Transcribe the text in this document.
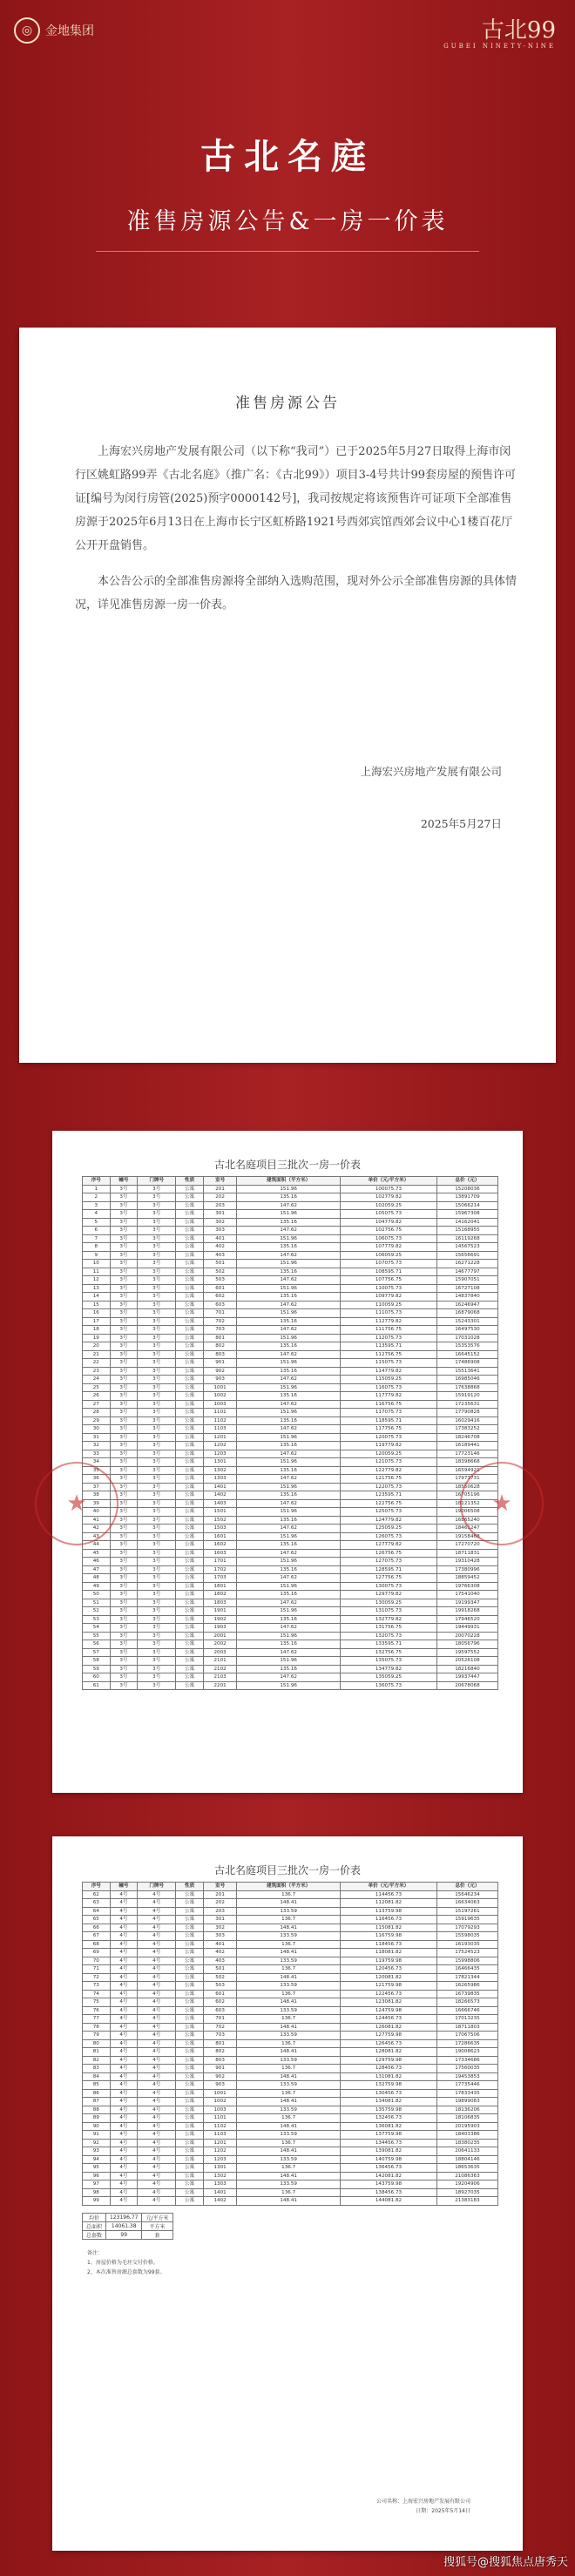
◎	金地集团	古北99
GUBEI NINETY-NINE
古北名庭
准售房源公告&一房一价表
准售房源公告

上海宏兴房地产发展有限公司（以下称“我司”）已于2025年5月27日取得上海市闵行区姚虹路99弄《古北名庭》（推广名：《古北99》）项目3-4号共计99套房屋的预售许可证[编号为闵行房管(2025)预字0000142号]，我司按规定将该预售许可证项下全部准售房源于2025年6月13日在上海市长宁区虹桥路1921号西郊宾馆西郊会议中心1楼百花厅公开开盘销售。

本公告公示的全部准售房源将全部纳入选购范围，现对外公示全部准售房源的具体情况，详见准售房源一房一价表。

上海宏兴房地产发展有限公司
2025年5月27日
古北名庭项目三批次一房一价表
序号	幢号	门牌号	性质	室号	建筑面积（平方米）	单价（元/平方米）	总价（元）
1	3号	3号	公寓	201	151.96	100075.73	15208036
2	3号	3号	公寓	202	135.16	102779.82	13891709
3	3号	3号	公寓	203	147.62	102059.25	15066214
4	3号	3号	公寓	301	151.96	105075.73	15967308
5	3号	3号	公寓	302	135.16	104779.82	14162041
6	3号	3号	公寓	303	147.62	102756.75	15168955
7	3号	3号	公寓	401	151.96	106075.73	16119268
8	3号	3号	公寓	402	135.16	107779.82	14567523
9	3号	3号	公寓	403	147.62	106059.25	15656691
10	3号	3号	公寓	501	151.96	107075.73	16271228
11	3号	3号	公寓	502	135.16	108595.71	14677797
12	3号	3号	公寓	503	147.62	107756.75	15907051
13	3号	3号	公寓	601	151.96	110075.73	16727108
14	3号	3号	公寓	602	135.16	109779.82	14837840
15	3号	3号	公寓	603	147.62	110059.25	16246947
16	3号	3号	公寓	701	151.96	111075.73	16879068
17	3号	3号	公寓	702	135.16	112779.82	15243301
18	3号	3号	公寓	703	147.62	111756.75	16497530
19	3号	3号	公寓	801	151.96	112075.73	17031028
20	3号	3号	公寓	802	135.16	113595.71	15353576
21	3号	3号	公寓	803	147.62	112756.75	16645152
22	3号	3号	公寓	901	151.96	115075.73	17486908
23	3号	3号	公寓	902	135.16	114779.82	15513641
24	3号	3号	公寓	903	147.62	115059.25	16985046
25	3号	3号	公寓	1001	151.96	116075.73	17638868
26	3号	3号	公寓	1002	135.16	117779.82	15919120
27	3号	3号	公寓	1003	147.62	116756.75	17235631
28	3号	3号	公寓	1101	151.96	117075.73	17790828
29	3号	3号	公寓	1102	135.16	118595.71	16029416
30	3号	3号	公寓	1103	147.62	117756.75	17383252
31	3号	3号	公寓	1201	151.96	120075.73	18246708
32	3号	3号	公寓	1202	135.16	119779.82	16189441
33	3号	3号	公寓	1203	147.62	120059.25	17723146
34	3号	3号	公寓	1301	151.96	121075.73	18398668
35	3号	3号	公寓	1302	135.16	122779.82	16594921
36	3号	3号	公寓	1303	147.62	121756.75	17973731
37	3号	3号	公寓	1401	151.96	122075.73	18550628
38	3号	3号	公寓	1402	135.16	123595.71	16705196
39	3号	3号	公寓	1403	147.62	122756.75	18121352
40	3号	3号	公寓	1501	151.96	125075.73	19006508
41	3号	3号	公寓	1502	135.16	124779.82	16865240
42	3号	3号	公寓	1503	147.62	125059.25	18461247
43	3号	3号	公寓	1601	151.96	126075.73	19158468
44	3号	3号	公寓	1602	135.16	127779.82	17270720
45	3号	3号	公寓	1603	147.62	126756.75	18711831
46	3号	3号	公寓	1701	151.96	127075.73	19310428
47	3号	3号	公寓	1702	135.16	128595.71	17380996
48	3号	3号	公寓	1703	147.62	127756.75	18859452
49	3号	3号	公寓	1801	151.96	130075.73	19766308
50	3号	3号	公寓	1802	135.16	129779.82	17541040
51	3号	3号	公寓	1803	147.62	130059.25	19199347
52	3号	3号	公寓	1901	151.96	131075.73	19918268
53	3号	3号	公寓	1902	135.16	132779.82	17946520
54	3号	3号	公寓	1903	147.62	131756.75	19449931
55	3号	3号	公寓	2001	151.96	132075.73	20070228
56	3号	3号	公寓	2002	135.16	133595.71	18056796
57	3号	3号	公寓	2003	147.62	132756.75	19597552
58	3号	3号	公寓	2101	151.96	135075.73	20526108
59	3号	3号	公寓	2102	135.16	134779.82	18216840
60	3号	3号	公寓	2103	147.62	135059.25	19937447
61	3号	3号	公寓	2201	151.96	136075.73	20678068
★	★
古北名庭项目三批次一房一价表
序号	幢号	门牌号	性质	室号	建筑面积（平方米）	单价（元/平方米）	总价（元）
62	4号	4号	公寓	201	136.7	114456.73	15646234
63	4号	4号	公寓	202	148.41	112081.82	16634063
64	4号	4号	公寓	203	133.59	113759.98	15197261
65	4号	4号	公寓	301	136.7	116456.73	15919635
66	4号	4号	公寓	302	148.41	115081.82	17079293
67	4号	4号	公寓	303	133.59	116759.98	15598035
68	4号	4号	公寓	401	136.7	118456.73	16193035
69	4号	4号	公寓	402	148.41	118081.82	17524523
70	4号	4号	公寓	403	133.59	119759.98	15998806
71	4号	4号	公寓	501	136.7	120456.73	16466435
72	4号	4号	公寓	502	148.41	120081.82	17821344
73	4号	4号	公寓	503	133.59	121759.98	16265986
74	4号	4号	公寓	601	136.7	122456.73	16739835
75	4号	4号	公寓	602	148.41	123081.82	18266573
76	4号	4号	公寓	603	133.59	124759.98	16666746
77	4号	4号	公寓	701	136.7	124456.73	17013235
78	4号	4号	公寓	702	148.41	126081.82	18711803
79	4号	4号	公寓	703	133.59	127759.98	17067506
80	4号	4号	公寓	801	136.7	126456.73	17286635
81	4号	4号	公寓	802	148.41	128081.82	19008623
82	4号	4号	公寓	803	133.59	129759.98	17334686
83	4号	4号	公寓	901	136.7	128456.73	17560035
84	4号	4号	公寓	902	148.41	131081.82	19453853
85	4号	4号	公寓	903	133.59	132759.98	17735446
86	4号	4号	公寓	1001	136.7	130456.73	17833435
87	4号	4号	公寓	1002	148.41	134081.82	19899083
88	4号	4号	公寓	1003	133.59	135759.98	18136206
89	4号	4号	公寓	1101	136.7	132456.73	18106835
90	4号	4号	公寓	1102	148.41	136081.82	20195903
91	4号	4号	公寓	1103	133.59	137759.98	18403386
92	4号	4号	公寓	1201	136.7	134456.73	18380235
93	4号	4号	公寓	1202	148.41	139081.82	20641133
94	4号	4号	公寓	1203	133.59	140759.98	18804146
95	4号	4号	公寓	1301	136.7	136456.73	18653635
96	4号	4号	公寓	1302	148.41	142081.82	21086363
97	4号	4号	公寓	1303	133.59	143759.98	19204906
98	4号	4号	公寓	1401	136.7	138456.73	18927035
99	4号	4号	公寓	1402	148.41	144081.82	21383183
均价	123196.77	元/平方米
总面积	14061.38	平方米
总套数	99	套
备注：
1、房屋价格为毛坯交付价格。
2、本次准售房源总套数为99套。
公司名称：上海宏兴房地产发展有限公司
日期：2025年5月14日
搜狐号@搜狐焦点唐秀天
